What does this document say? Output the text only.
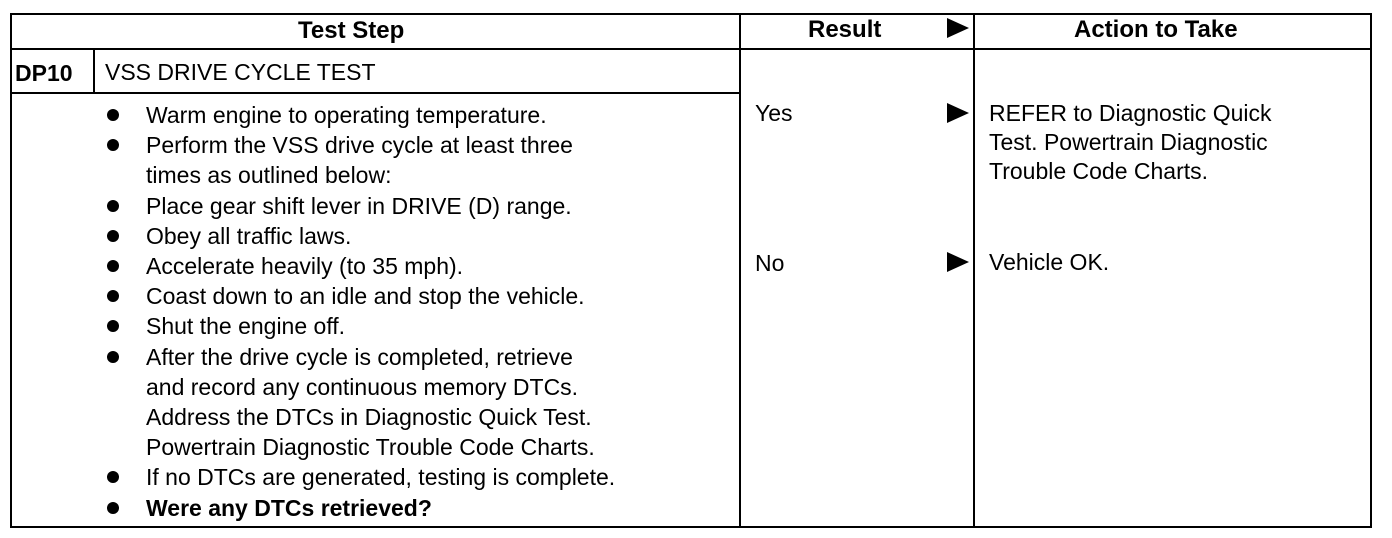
Test Step	Result	Action to Take
DP10 VSS DRIVE CYCLE TEST
Warm engine to operating temperature.
Perform the VSS drive cycle at least three
times as outlined below:
Place gear shift lever in DRIVE (D) range.
Obey all traffic laws.
Accelerate heavily (to 35 mph).
Coast down to an idle and stop the vehicle.
Shut the engine off.
After the drive cycle is completed, retrieve
and record any continuous memory DTCs.
Address the DTCs in Diagnostic Quick Test.
Powertrain Diagnostic Trouble Code Charts.
If no DTCs are generated, testing is complete.
Were any DTCs retrieved?
Yes
No
REFER to Diagnostic Quick
Test. Powertrain Diagnostic
Trouble Code Charts.
Vehicle OK.
